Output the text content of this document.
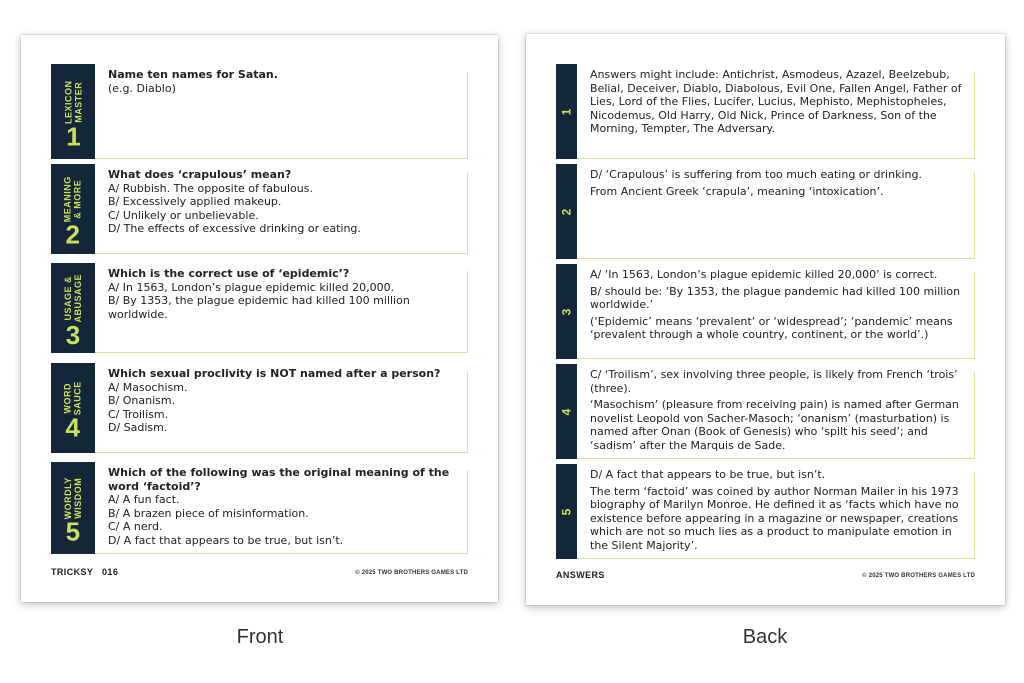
1
LEXICON MASTER

Name ten names for Satan.

(e.g. Diablo)

2
MEANING & MORE

What does ‘crapulous’ mean?

A/ Rubbish. The opposite of fabulous.

B/ Excessively applied makeup.

C/ Unlikely or unbelievable.

D/ The effects of excessive drinking or eating.

3
USAGE & ABUSAGE

Which is the correct use of ‘epidemic’?

A/ In 1563, London’s plague epidemic killed 20,000.

B/ By 1353, the plague epidemic had killed 100 million worldwide.

4
WORD SAUCE

Which sexual proclivity is NOT named after a person?

A/ Masochism.

B/ Onanism.

C/ Troilism.

D/ Sadism.

5
WORDLY WISDOM

Which of the following was the original meaning of the word ‘factoid’?

A/ A fun fact.

B/ A brazen piece of misinformation.

C/ A nerd.

D/ A fact that appears to be true, but isn’t.

TRICKSY 016	© 2025 TWO BROTHERS GAMES LTD
1

Answers might include: Antichrist, Asmodeus, Azazel, Beelzebub, Belial, Deceiver, Diablo, Diabolous, Evil One, Fallen Angel, Father of Lies, Lord of the Flies, Lucifer, Lucius, Mephisto, Mephistopheles, Nicodemus, Old Harry, Old Nick, Prince of Darkness, Son of the Morning, Tempter, The Adversary.

2

D/ ‘Crapulous’ is suffering from too much eating or drinking.

From Ancient Greek ‘crapula’, meaning ‘intoxication’.

3

A/ ‘In 1563, London’s plague epidemic killed 20,000’ is correct.

B/ should be: ‘By 1353, the plague pandemic had killed 100 million worldwide.’

(‘Epidemic’ means ‘prevalent’ or ‘widespread’; ‘pandemic’ means ‘prevalent through a whole country, continent, or the world’.)

4

C/ ‘Troilism’, sex involving three people, is likely from French ‘trois’ (three).

‘Masochism’ (pleasure from receiving pain) is named after German novelist Leopold von Sacher-Masoch; ‘onanism’ (masturbation) is named after Onan (Book of Genesis) who ‘spilt his seed’; and ‘sadism’ after the Marquis de Sade.

5

D/ A fact that appears to be true, but isn’t.

The term ‘factoid’ was coined by author Norman Mailer in his 1973 biography of Marilyn Monroe. He defined it as ‘facts which have no existence before appearing in a magazine or newspaper, creations which are not so much lies as a product to manipulate emotion in the Silent Majority’.

ANSWERS	© 2025 TWO BROTHERS GAMES LTD
Front	Back
